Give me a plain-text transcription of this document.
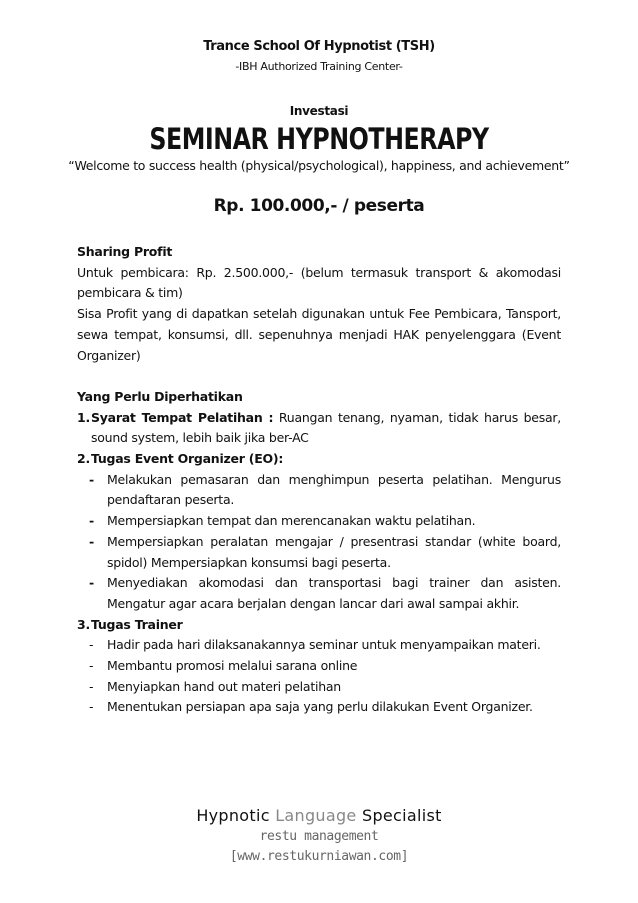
Trance School Of Hypnotist (TSH)
-IBH Authorized Training Center-
Investasi
SEMINAR HYPNOTHERAPY
“Welcome to success health (physical/psychological), happiness, and achievement”
Rp. 100.000,- / peserta
Sharing Profit
Untuk pembicara: Rp. 2.500.000,- (belum termasuk transport & akomodasi pembicara & tim)
Sisa Profit yang di dapatkan setelah digunakan untuk Fee Pembicara, Tansport, sewa tempat, konsumsi, dll. sepenuhnya menjadi HAK penyelenggara (Event Organizer)
Yang Perlu Diperhatikan
1. Syarat Tempat Pelatihan : Ruangan tenang, nyaman, tidak harus besar, sound system, lebih baik jika ber-AC
2. Tugas Event Organizer (EO):
-	Melakukan pemasaran dan menghimpun peserta pelatihan. Mengurus pendaftaran peserta.
-	Mempersiapkan tempat dan merencanakan waktu pelatihan.
-	Mempersiapkan peralatan mengajar / presentrasi standar (white board, spidol) Mempersiapkan konsumsi bagi peserta.
-	Menyediakan akomodasi dan transportasi bagi trainer dan asisten. Mengatur agar acara berjalan dengan lancar dari awal sampai akhir.
3. Tugas Trainer
-	Hadir pada hari dilaksanakannya seminar untuk menyampaikan materi.
-	Membantu promosi melalui sarana online
-	Menyiapkan hand out materi pelatihan
-	Menentukan persiapan apa saja yang perlu dilakukan Event Organizer.
Hypnotic Language Specialist
restu management
[www.restukurniawan.com]
